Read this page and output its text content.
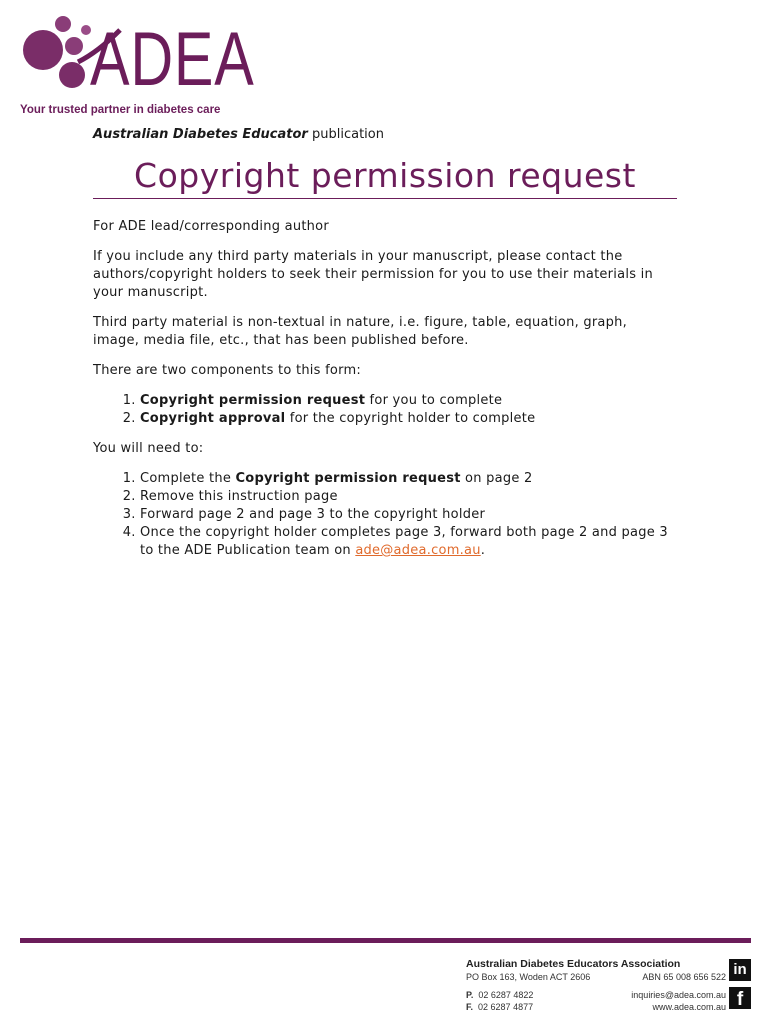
ADEA
Your trusted partner in diabetes care
Australian Diabetes Educator publication
Copyright permission request

For ADE lead/corresponding author

If you include any third party materials in your manuscript, please contact the authors/copyright holders to seek their permission for you to use their materials in your manuscript.

Third party material is non-textual in nature, i.e. figure, table, equation, graph, image, media file, etc., that has been published before.

There are two components to this form:

1. Copyright permission request for you to complete
2. Copyright approval for the copyright holder to complete

You will need to:

1. Complete the Copyright permission request on page 2
2. Remove this instruction page
3. Forward page 2 and page 3 to the copyright holder
4. Once the copyright holder completes page 3, forward both page 2 and page 3 to the ADE Publication team on ade@adea.com.au.
Australian Diabetes Educators Association
PO Box 163, Woden ACT 2606	ABN 65 008 656 522
P. 02 6287 4822	inquiries@adea.com.au
F. 02 6287 4877	www.adea.com.au
in
f
